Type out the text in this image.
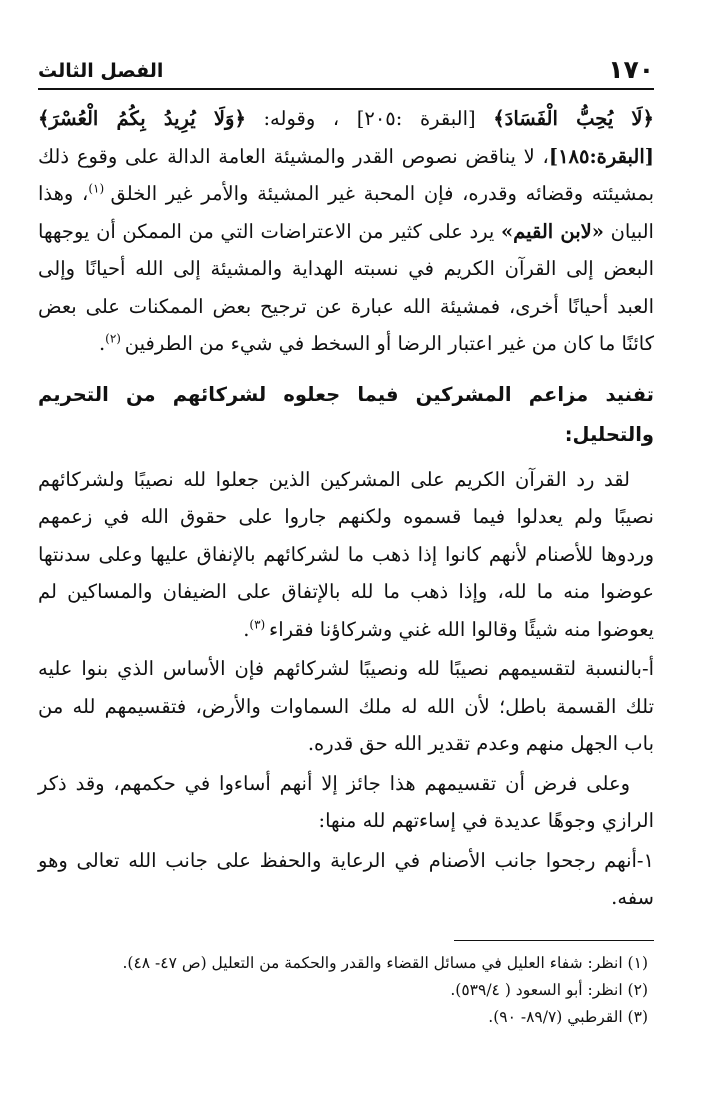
١٧٠
الفصل الثالث

﴿لَا يُحِبُّ الْفَسَادَ﴾ [البقرة :٢٠٥] ، وقوله: ﴿وَلَا يُرِيدُ بِكُمُ الْعُسْرَ﴾ [البقرة:١٨٥]، لا يناقض نصوص القدر والمشيئة العامة الدالة على وقوع ذلك بمشيئته وقضائه وقدره، فإن المحبة غير المشيئة والأمر غير الخلق $^{(١)}$، وهذا البيان «لابن القيم» يرد على كثير من الاعتراضات التي من الممكن أن يوجهها البعض إلى القرآن الكريم في نسبته الهداية والمشيئة إلى الله أحيانًا وإلى العبد أحيانًا أخرى، فمشيئة الله عبارة عن ترجيح بعض الممكنات على بعض كائنًا ما كان من غير اعتبار الرضا أو السخط في شيء من الطرفين $^{(٢)}$.

تفنيد مزاعم المشركين فيما جعلوه لشركائهم من التحريم والتحليل:

لقد رد القرآن الكريم على المشركين الذين جعلوا لله نصيبًا ولشركائهم نصيبًا ولم يعدلوا فيما قسموه ولكنهم جاروا على حقوق الله في زعمهم وردوها للأصنام لأنهم كانوا إذا ذهب ما لشركائهم بالإنفاق عليها وعلى سدنتها عوضوا منه ما لله، وإذا ذهب ما لله بالإتفاق على الضيفان والمساكين لم يعوضوا منه شيئًا وقالوا الله غني وشركاؤنا فقراء $^{(٣)}$.

أ-بالنسبة لتقسيمهم نصيبًا لله ونصيبًا لشركائهم فإن الأساس الذي بنوا عليه تلك القسمة باطل؛ لأن الله له ملك السماوات والأرض، فتقسيمهم لله من باب الجهل منهم وعدم تقدير الله حق قدره.

وعلى فرض أن تقسيمهم هذا جائز إلا أنهم أساءوا في حكمهم، وقد ذكر الرازي وجوهًا عديدة في إساءتهم لله منها:

١-أنهم رجحوا جانب الأصنام في الرعاية والحفظ على جانب الله تعالى وهو سفه.

(١) انظر: شفاء العليل في مسائل القضاء والقدر والحكمة من التعليل (ص ٤٧- ٤٨).
(٢) انظر: أبو السعود ( ٥٣٩/٤).
(٣) القرطبي (٨٩/٧- ٩٠).
